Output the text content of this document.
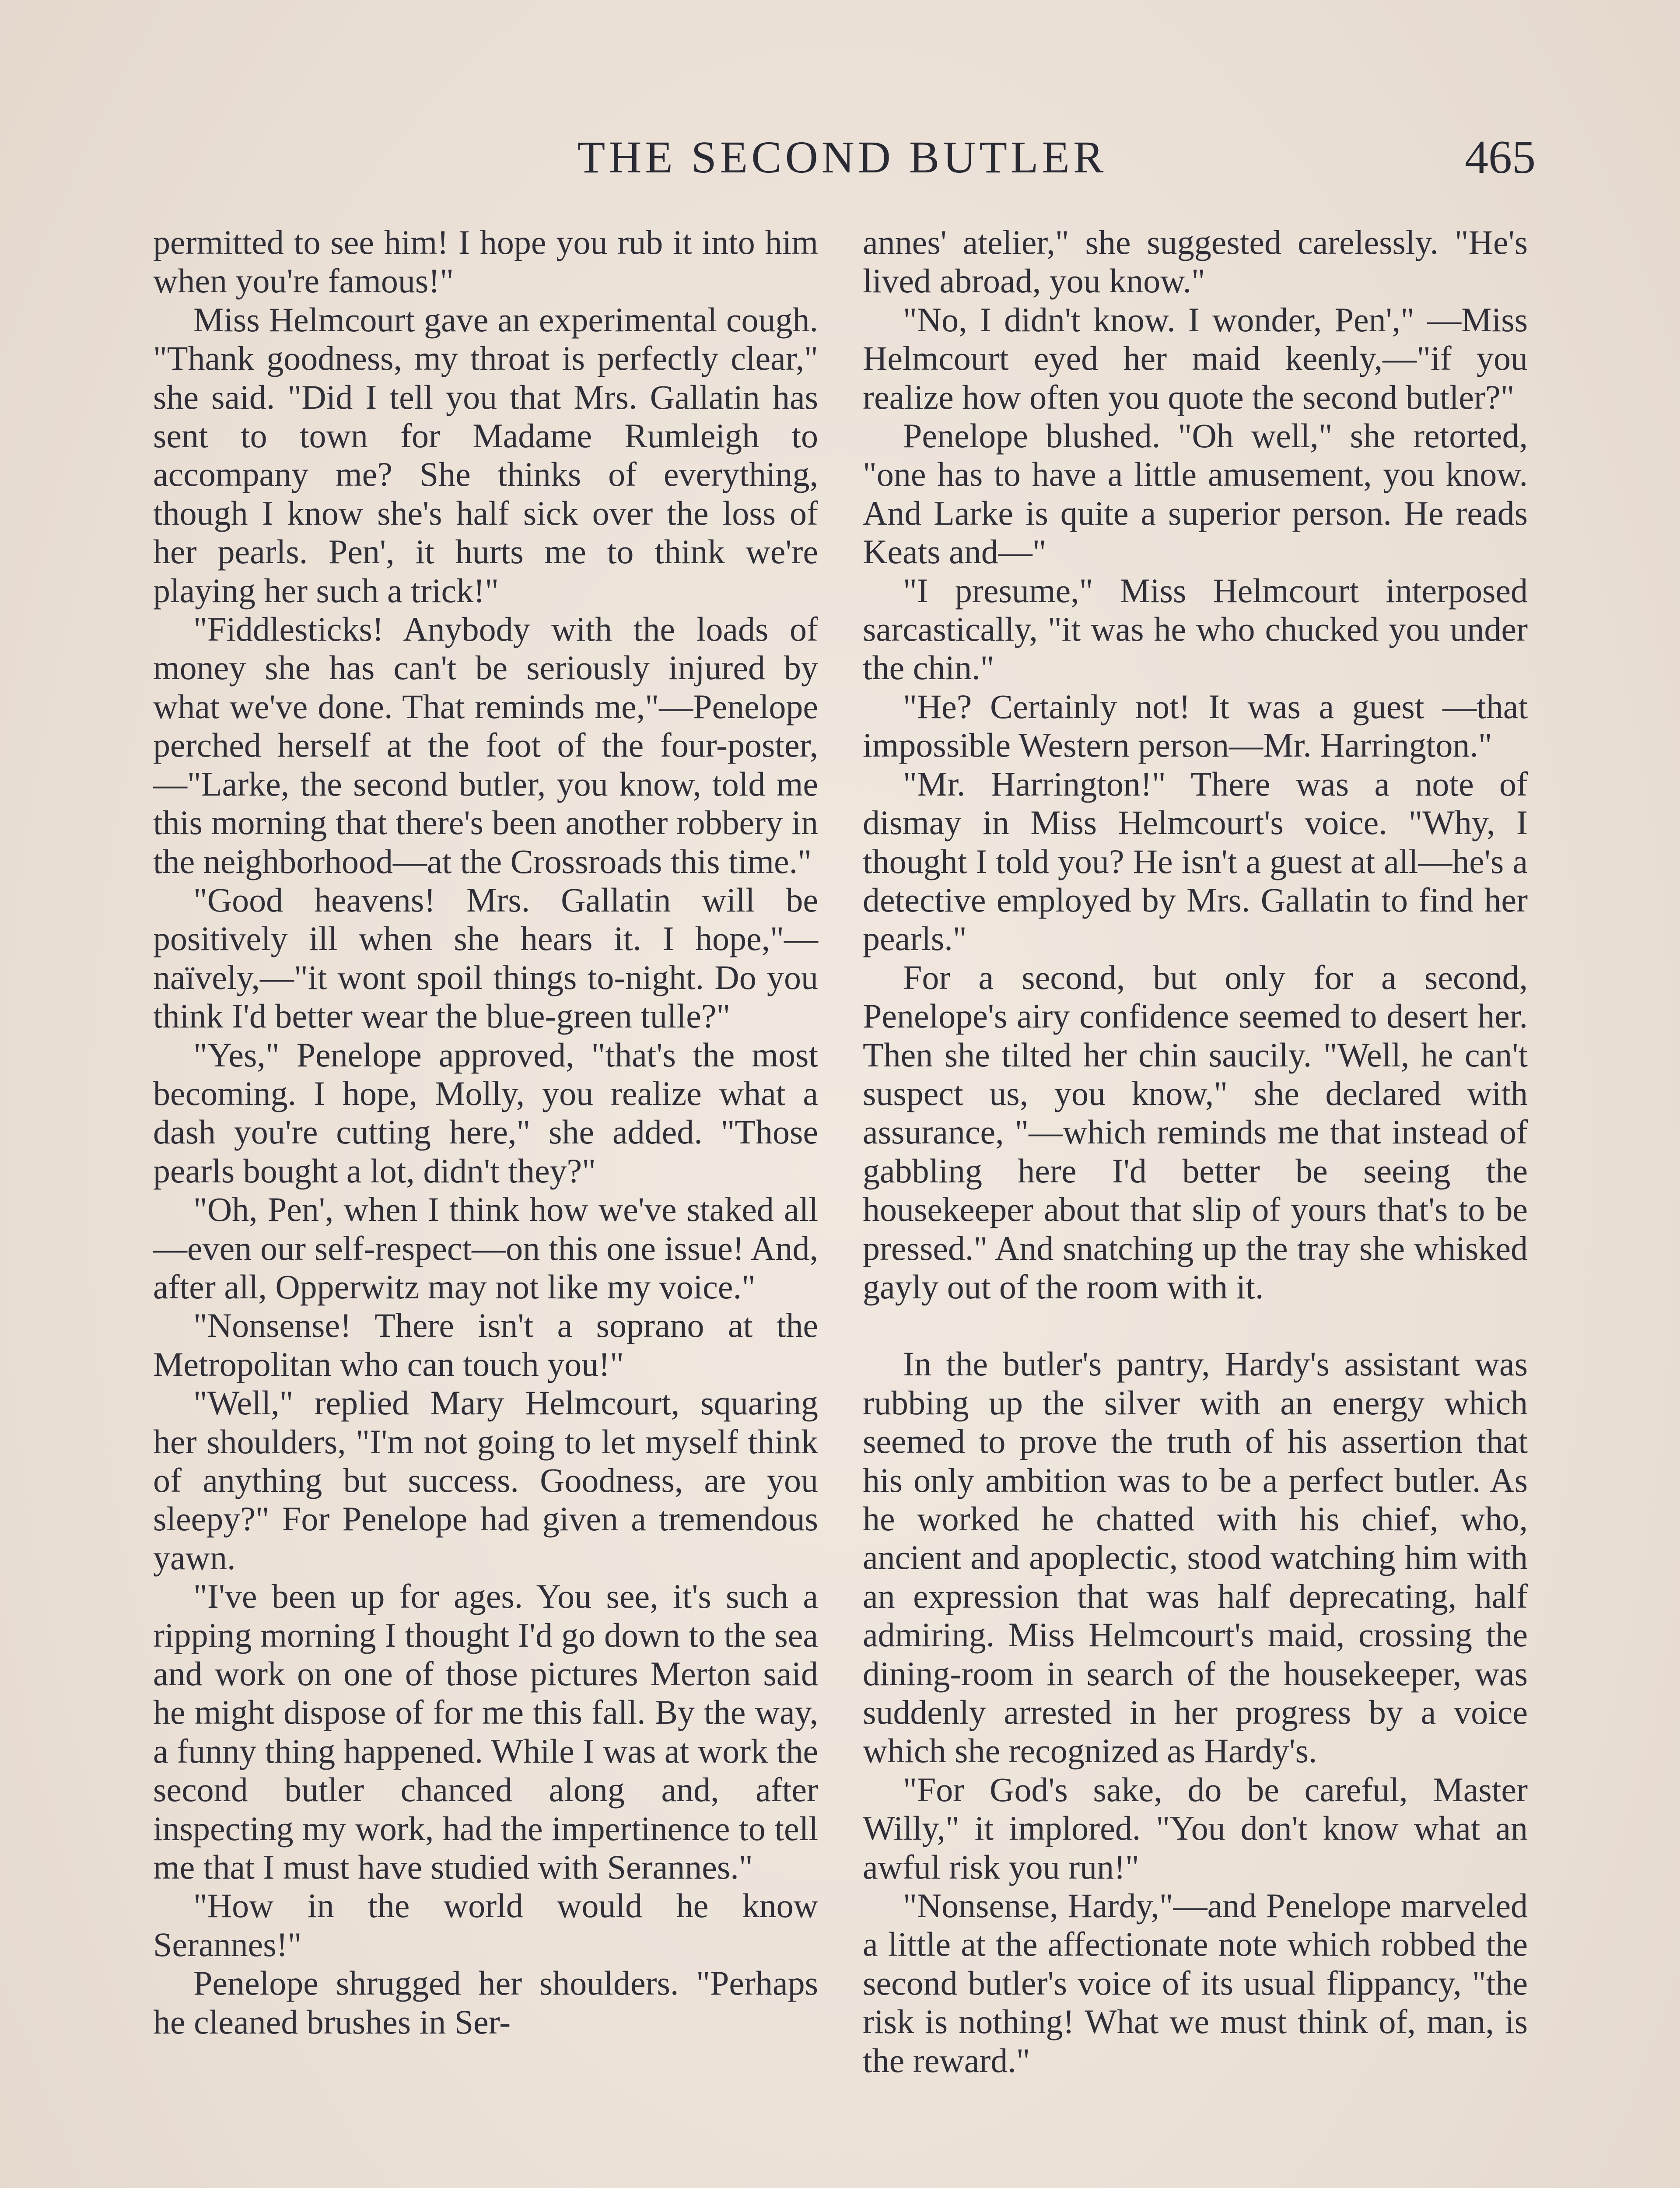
THE SECOND BUTLER	465

permitted to see him! I hope you rub it into him when you're famous!"

Miss Helmcourt gave an experimental cough. "Thank goodness, my throat is perfectly clear," she said. "Did I tell you that Mrs. Gallatin has sent to town for Madame Rumleigh to accompany me? She thinks of everything, though I know she's half sick over the loss of her pearls. Pen', it hurts me to think we're playing her such a trick!"

"Fiddlesticks! Anybody with the loads of money she has can't be seriously injured by what we've done. That reminds me,"—Penelope perched herself at the foot of the four-poster,—"Larke, the second butler, you know, told me this morning that there's been another robbery in the neighborhood—at the Crossroads this time."

"Good heavens! Mrs. Gallatin will be positively ill when she hears it. I hope,"—naïvely,—"it wont spoil things to-night. Do you think I'd better wear the blue-green tulle?"

"Yes," Penelope approved, "that's the most becoming. I hope, Molly, you realize what a dash you're cutting here," she added. "Those pearls bought a lot, didn't they?"

"Oh, Pen', when I think how we've staked all—even our self-respect—on this one issue! And, after all, Opperwitz may not like my voice."

"Nonsense! There isn't a soprano at the Metropolitan who can touch you!"

"Well," replied Mary Helmcourt, squaring her shoulders, "I'm not going to let myself think of anything but success. Goodness, are you sleepy?" For Penelope had given a tremendous yawn.

"I've been up for ages. You see, it's such a ripping morning I thought I'd go down to the sea and work on one of those pictures Merton said he might dispose of for me this fall. By the way, a funny thing happened. While I was at work the second butler chanced along and, after inspecting my work, had the impertinence to tell me that I must have studied with Serannes."

"How in the world would he know Serannes!"

Penelope shrugged her shoulders. "Perhaps he cleaned brushes in Ser-

annes' atelier," she suggested carelessly. "He's lived abroad, you know."

"No, I didn't know. I wonder, Pen'," —Miss Helmcourt eyed her maid keenly,—"if you realize how often you quote the second butler?"

Penelope blushed. "Oh well," she retorted, "one has to have a little amusement, you know. And Larke is quite a superior person. He reads Keats and—"

"I presume," Miss Helmcourt interposed sarcastically, "it was he who chucked you under the chin."

"He? Certainly not! It was a guest —that impossible Western person—Mr. Harrington."

"Mr. Harrington!" There was a note of dismay in Miss Helmcourt's voice. "Why, I thought I told you? He isn't a guest at all—he's a detective employed by Mrs. Gallatin to find her pearls."

For a second, but only for a second, Penelope's airy confidence seemed to desert her. Then she tilted her chin saucily. "Well, he can't suspect us, you know," she declared with assurance, "—which reminds me that instead of gabbling here I'd better be seeing the housekeeper about that slip of yours that's to be pressed." And snatching up the tray she whisked gayly out of the room with it.

In the butler's pantry, Hardy's assistant was rubbing up the silver with an energy which seemed to prove the truth of his assertion that his only ambition was to be a perfect butler. As he worked he chatted with his chief, who, ancient and apoplectic, stood watching him with an expression that was half deprecating, half admiring. Miss Helmcourt's maid, crossing the dining-room in search of the housekeeper, was suddenly arrested in her progress by a voice which she recognized as Hardy's.

"For God's sake, do be careful, Master Willy," it implored. "You don't know what an awful risk you run!"

"Nonsense, Hardy,"—and Penelope marveled a little at the affectionate note which robbed the second butler's voice of its usual flippancy, "the risk is nothing! What we must think of, man, is the reward."
